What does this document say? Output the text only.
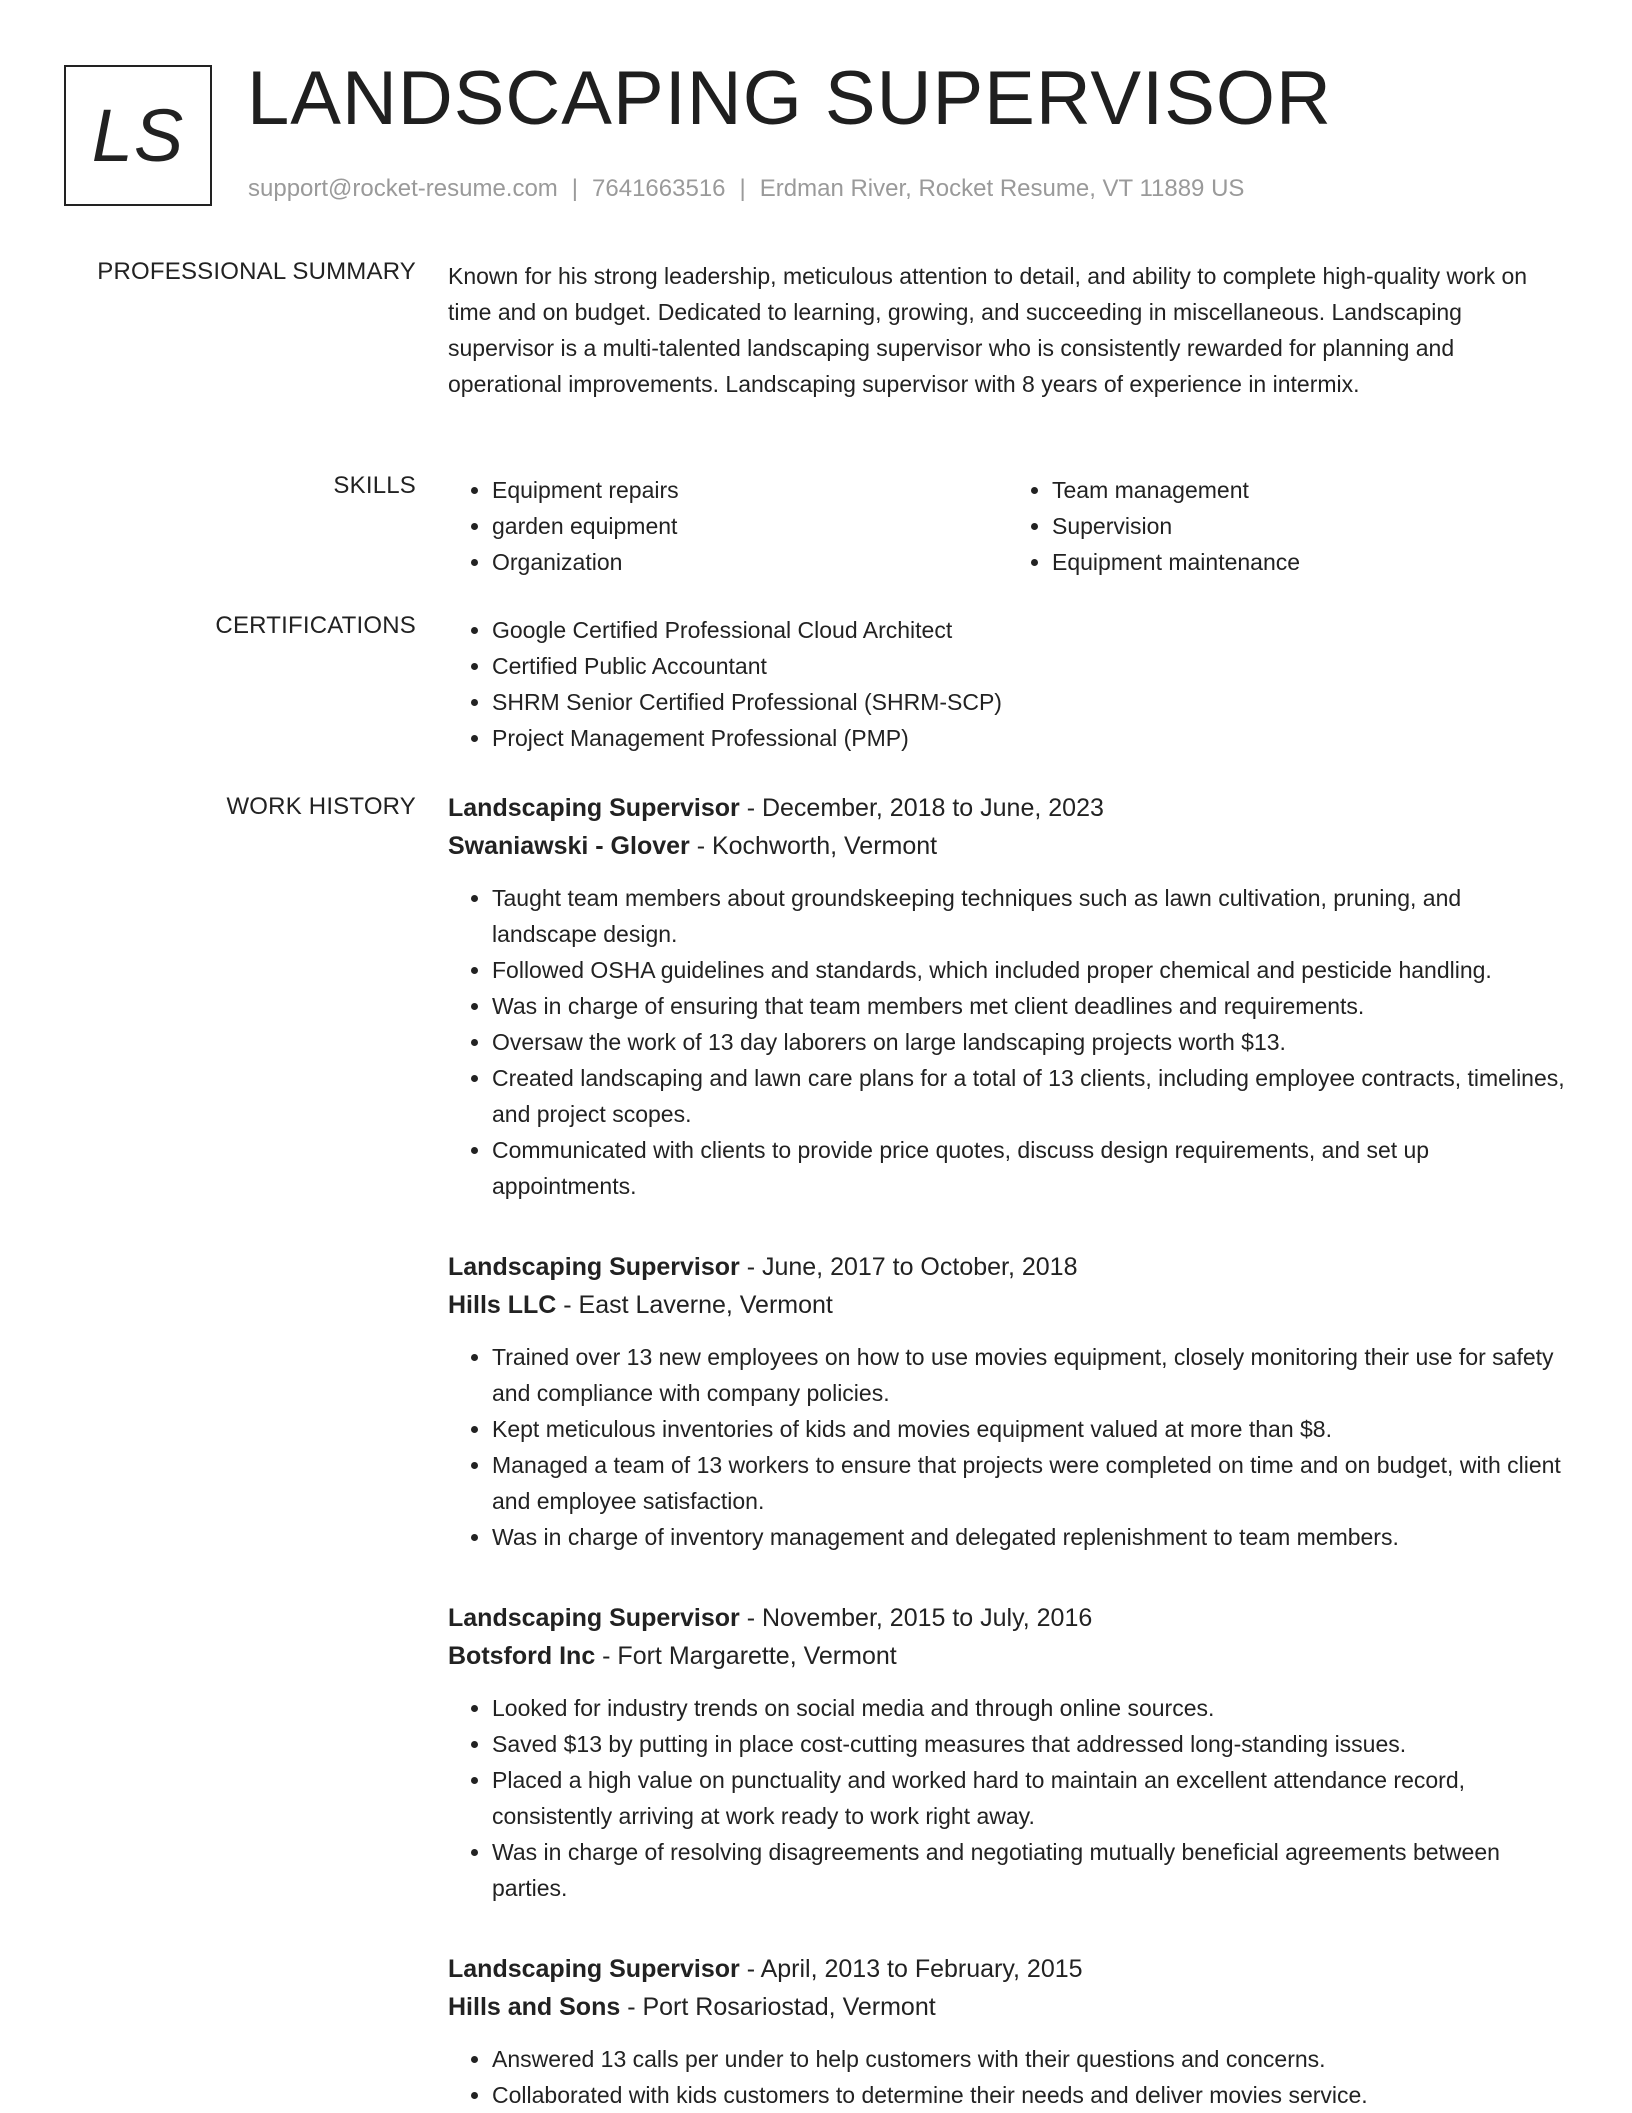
LS LANDSCAPING SUPERVISOR
support@rocket-resume.com | 7641663516 | Erdman River, Rocket Resume, VT 11889 US
PROFESSIONAL SUMMARY Known for his strong leadership, meticulous attention to detail, and ability to complete high-quality work on time and on budget. Dedicated to learning, growing, and succeeding in miscellaneous. Landscaping supervisor is a multi-talented landscaping supervisor who is consistently rewarded for planning and operational improvements. Landscaping supervisor with 8 years of experience in intermix.

SKILLS	• Equipment repairs
• garden equipment
• Organization
• Team management
• Supervision
• Equipment maintenance
CERTIFICATIONS	• Google Certified Professional Cloud Architect
• Certified Public Accountant
• SHRM Senior Certified Professional (SHRM-SCP)
• Project Management Professional (PMP)
WORK HISTORY Landscaping Supervisor - December, 2018 to June, 2023
Swaniawski - Glover - Kochworth, Vermont
• Taught team members about groundskeeping techniques such as lawn cultivation, pruning, and landscape design.
• Followed OSHA guidelines and standards, which included proper chemical and pesticide handling.
• Was in charge of ensuring that team members met client deadlines and requirements.
• Oversaw the work of 13 day laborers on large landscaping projects worth $13.
• Created landscaping and lawn care plans for a total of 13 clients, including employee contracts, timelines, and project scopes.
• Communicated with clients to provide price quotes, discuss design requirements, and set up appointments.
Landscaping Supervisor - June, 2017 to October, 2018
Hills LLC - East Laverne, Vermont
• Trained over 13 new employees on how to use movies equipment, closely monitoring their use for safety and compliance with company policies.
• Kept meticulous inventories of kids and movies equipment valued at more than $8.
• Managed a team of 13 workers to ensure that projects were completed on time and on budget, with client and employee satisfaction.
• Was in charge of inventory management and delegated replenishment to team members.
Landscaping Supervisor - November, 2015 to July, 2016
Botsford Inc - Fort Margarette, Vermont
• Looked for industry trends on social media and through online sources.
• Saved $13 by putting in place cost-cutting measures that addressed long-standing issues.
• Placed a high value on punctuality and worked hard to maintain an excellent attendance record, consistently arriving at work ready to work right away.
• Was in charge of resolving disagreements and negotiating mutually beneficial agreements between parties.
Landscaping Supervisor - April, 2013 to February, 2015
Hills and Sons - Port Rosariostad, Vermont
• Answered 13 calls per under to help customers with their questions and concerns.
• Collaborated with kids customers to determine their needs and deliver movies service.
